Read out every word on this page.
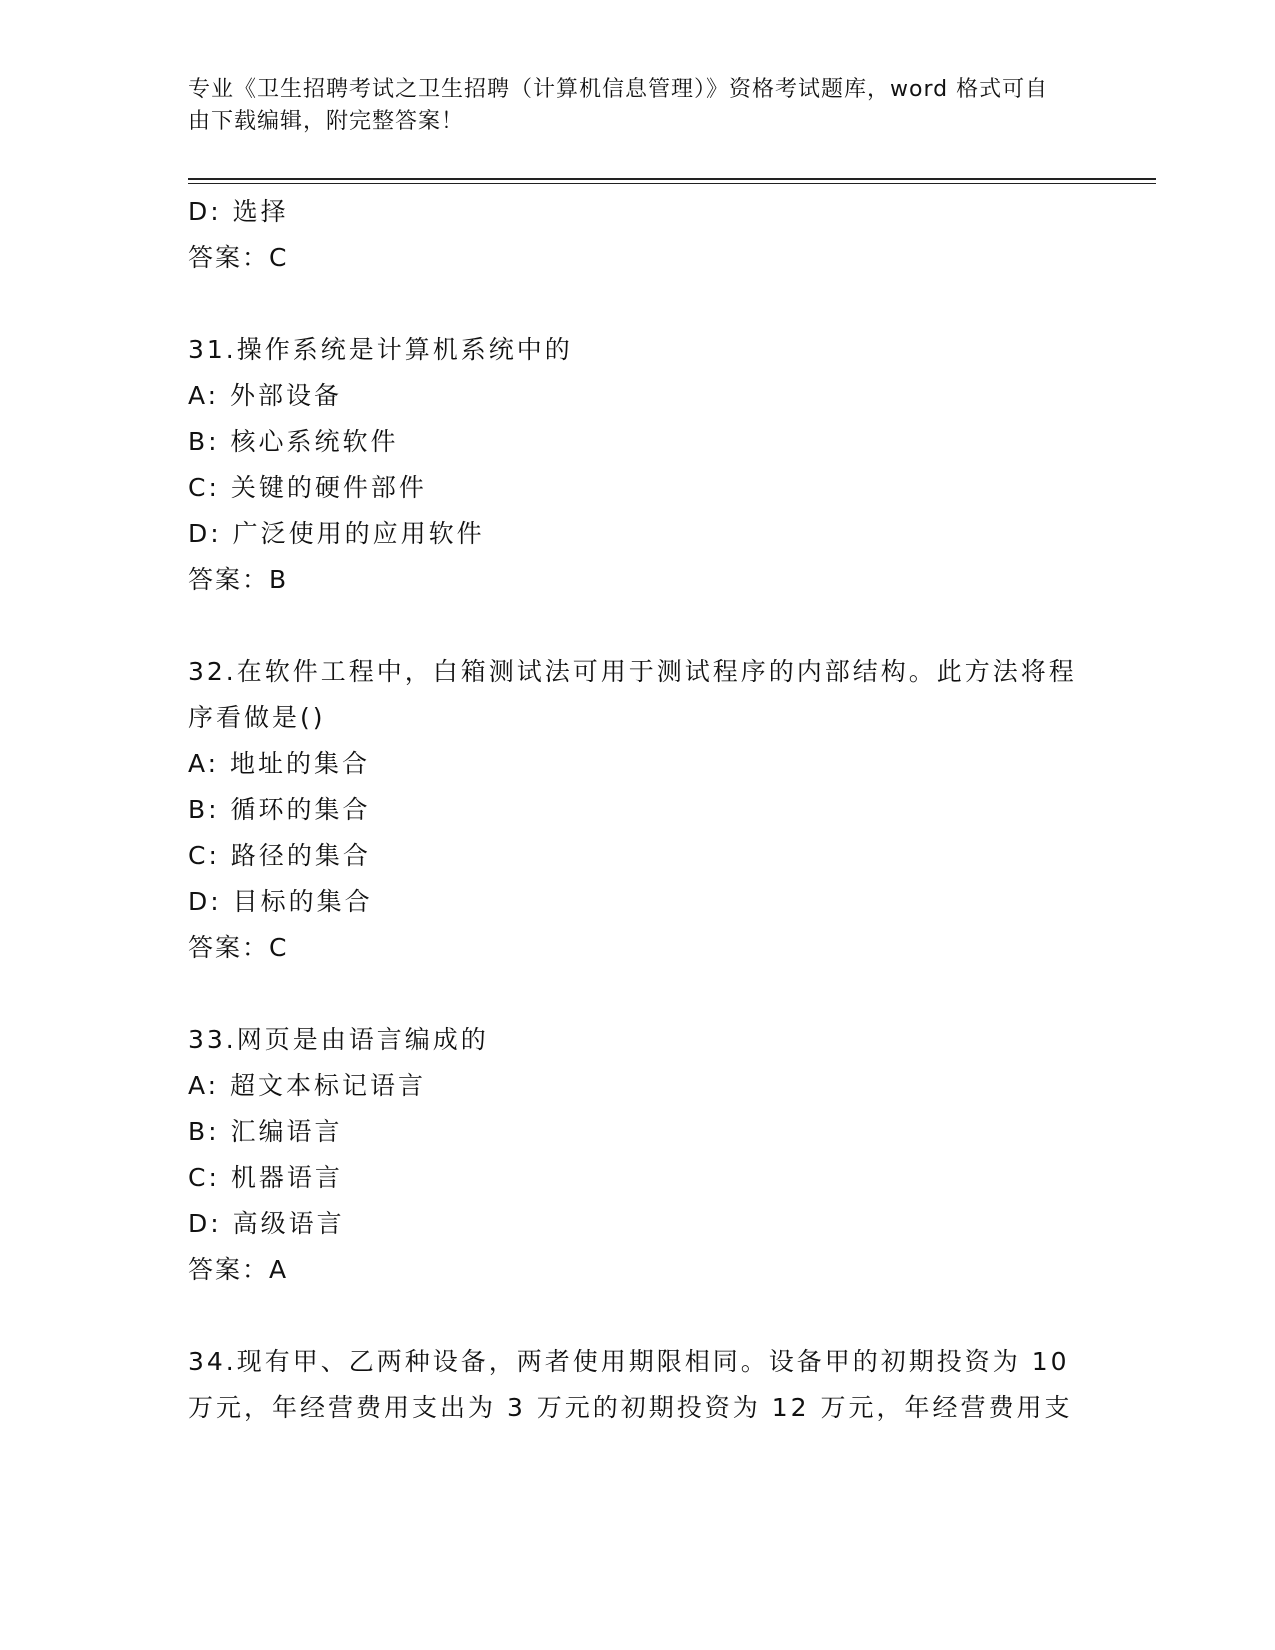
专业《卫生招聘考试之卫生招聘（计算机信息管理）》资格考试题库，word 格式可自由下载编辑，附完整答案！
D: 选择
答案：C
31.操作系统是计算机系统中的
A: 外部设备
B: 核心系统软件
C: 关键的硬件部件
D: 广泛使用的应用软件
答案：B
32.在软件工程中，白箱测试法可用于测试程序的内部结构。此方法将程序看做是()
A: 地址的集合
B: 循环的集合
C: 路径的集合
D: 目标的集合
答案：C
33.网页是由语言编成的
A: 超文本标记语言
B: 汇编语言
C: 机器语言
D: 高级语言
答案：A
34.现有甲、乙两种设备，两者使用期限相同。设备甲的初期投资为 10 万元，年经营费用支出为 3 万元的初期投资为 12 万元，年经营费用支
